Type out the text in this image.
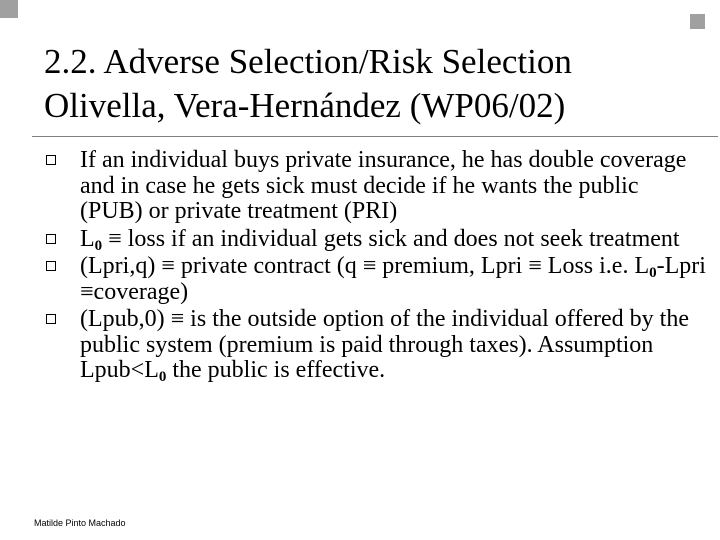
2.2. Adverse Selection/Risk Selection
Olivella, Vera-Hernández (WP06/02)
If an individual buys private insurance, he has double coverage and in case he gets sick must decide if he wants the public (PUB) or private treatment (PRI)
$L_0$ ≡ loss if an individual gets sick and does not seek treatment
(Lpri,q) ≡ private contract (q ≡ premium, Lpri ≡ Loss i.e. $L_0$-Lpri ≡coverage)
(Lpub,0) ≡ is the outside option of the individual offered by the public system (premium is paid through taxes). Assumption $Lpub<L_0$ the public is effective.
Matilde Pinto Machado
